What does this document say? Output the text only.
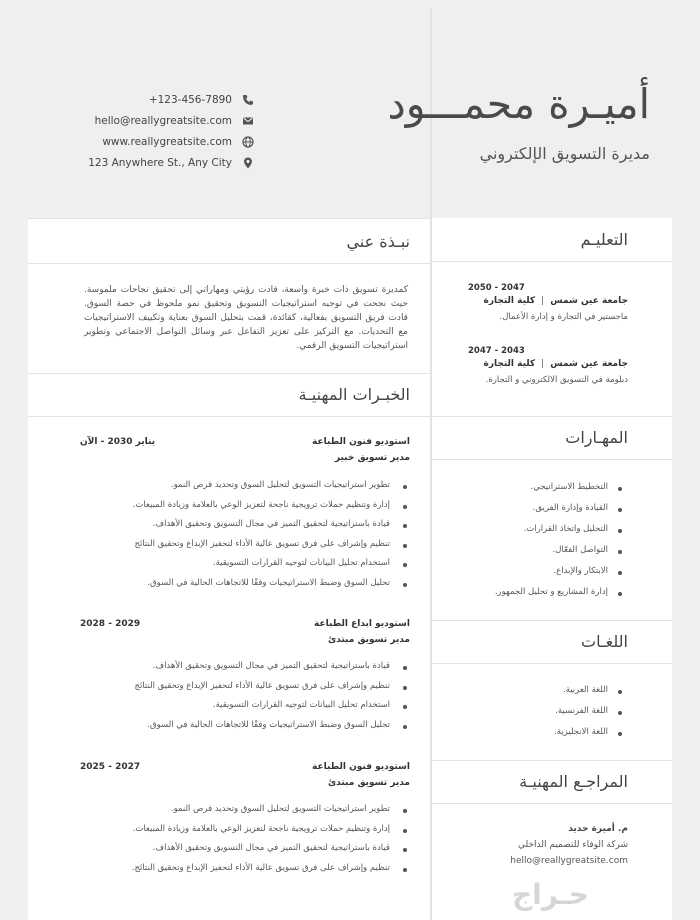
أميـرة محمـــود
مديرة التسويق الإلكتروني
+123-456-7890
hello@reallygreatsite.com
www.reallygreatsite.com
123 Anywhere St., Any City
نبـذة عني
كمديرة تسويق ذات خبرة واسعة، قادت رؤيتي ومهاراتي إلى تحقيق نجاحات ملموسة. حيث نجحت في توجيه استراتيجيات التسويق وتحقيق نمو ملحوظ في حصة السوق. قادت فريق التسويق بفعالية، كقائدة، قمت بتحليل السوق بعناية وتكييف الاستراتيجيات مع التحديات. مع التركيز على تعزيز التفاعل عبر وسائل التواصل الاجتماعي وتطوير استراتيجيات التسويق الرقمي.
الخبـرات المهنيـة
استوديو فنون الطباعة
يناير 2030 - الآن
مدير تسويق خبير
تطوير استراتيجيات التسويق لتحليل السوق وتحديد فرص النمو.
إدارة وتنظيم حملات ترويجية ناجحة لتعزيز الوعي بالعلامة وزيادة المبيعات.
قيادة باستراتيجية لتحقيق التميز في مجال التسويق وتحقيق الأهداف.
تنظيم وإشراف على فرق تسويق عالية الأداء لتحفيز الإبداع وتحقيق النتائج
استخدام تحليل البيانات لتوجيه القرارات التسويقية.
تحليل السوق وضبط الاستراتيجيات وفقًا للاتجاهات الحالية في السوق.
استوديو ابداع الطباعة
2029 - 2028
مدير تسويق مبتدئ
قيادة باستراتيجية لتحقيق التميز في مجال التسويق وتحقيق الأهداف.
تنظيم وإشراف على فرق تسويق عالية الأداء لتحفيز الإبداع وتحقيق النتائج
استخدام تحليل البيانات لتوجيه القرارات التسويقية.
تحليل السوق وضبط الاستراتيجيات وفقًا للاتجاهات الحالية في السوق.
استوديو فنون الطباعة
2027 - 2025
مدير تسويق مبتدئ
تطوير استراتيجيات التسويق لتحليل السوق وتحديد فرص النمو.
إدارة وتنظيم حملات ترويجية ناجحة لتعزيز الوعي بالعلامة وزيادة المبيعات.
قيادة باستراتيجية لتحقيق التميز في مجال التسويق وتحقيق الأهداف.
تنظيم وإشراف على فرق تسويق عالية الأداء لتحفيز الإبداع وتحقيق النتائج.
التعليـم
2047 - 2050
جامعة عين شمس|كلية التجارة
ماجستير في التجارة و إدارة الأعمال.
2043 - 2047
جامعة عين شمس|كلية التجارة
دبلومة في التسويق الالكتروني و التجارة.
المهـارات
التخطيط الاستراتيجي.
القيادة وإدارة الفريق.
التحليل واتخاذ القرارات.
التواصل الفعّال.
الابتكار والإبداع.
إدارة المشاريع و تحليل الجمهور.
اللغـات
اللغة العربية.
اللغة الفرنسية.
اللغة الانجليزية.
المراجـع المهنيـة
م. أميرة حديد
شركة الوفاء للتصميم الداخلي
hello@reallygreatsite.com
حـراج
